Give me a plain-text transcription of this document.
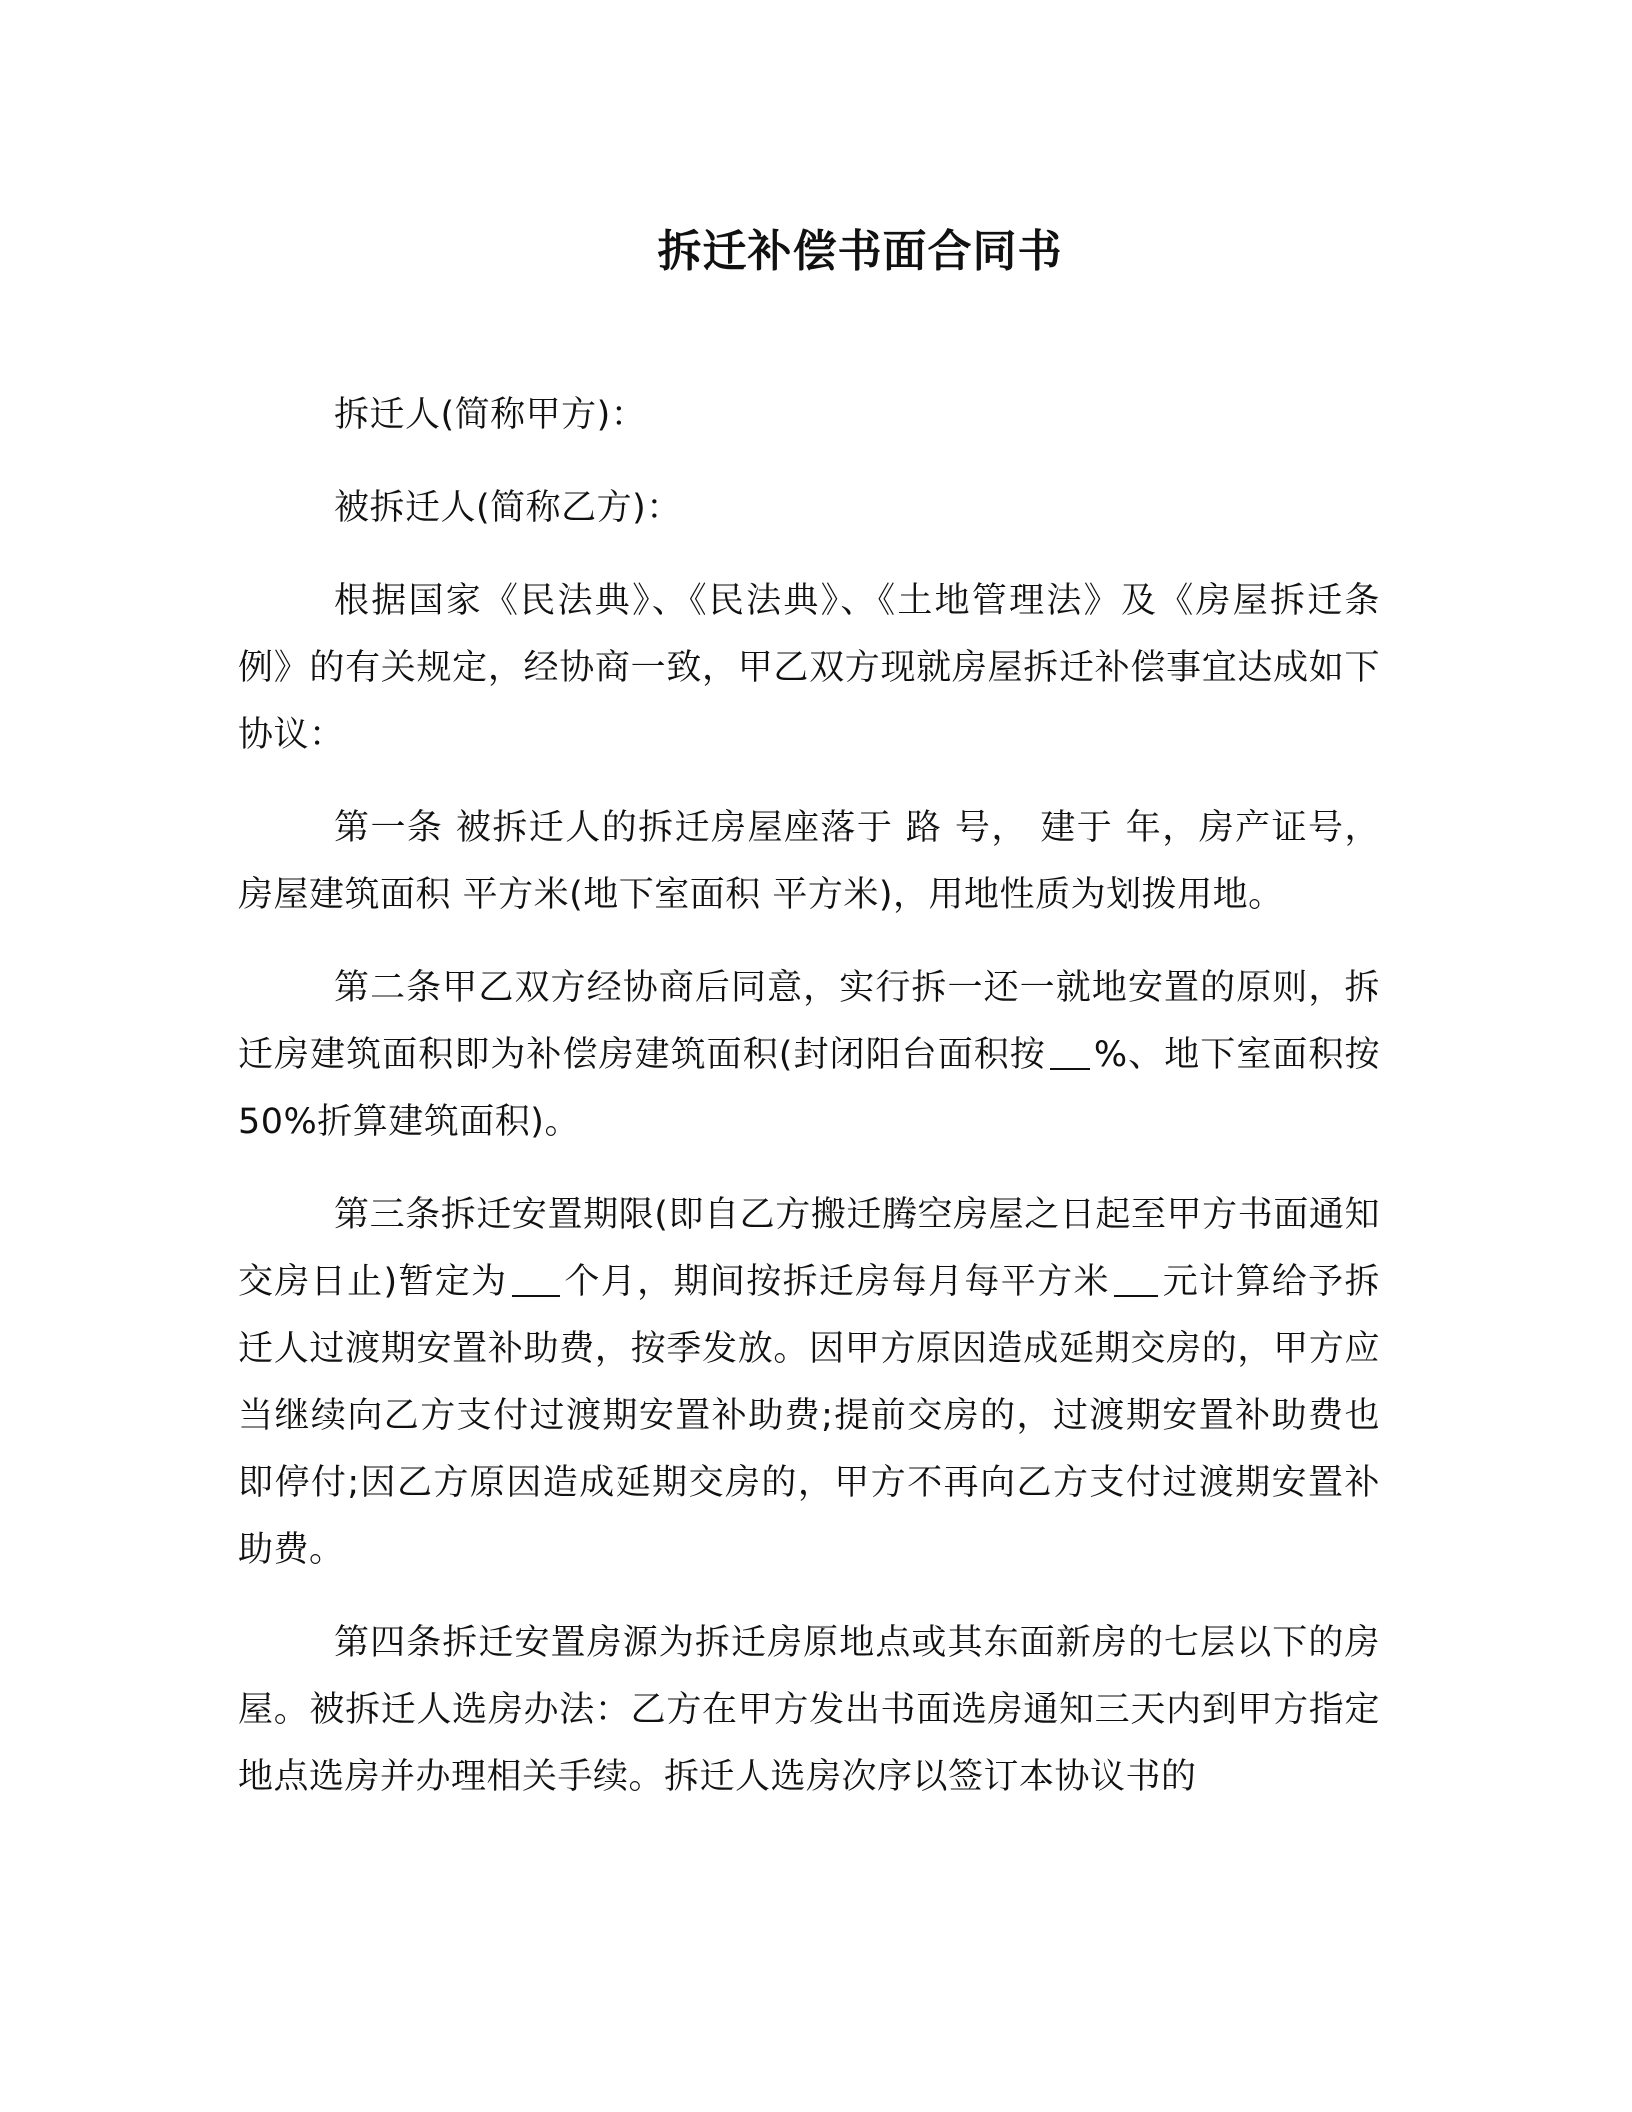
拆迁补偿书面合同书

拆迁人(简称甲方)：

被拆迁人(简称乙方)：

根据国家《民法典》、《民法典》、《土地管理法》及《房屋拆迁条例》的有关规定，经协商一致，甲乙双方现就房屋拆迁补偿事宜达成如下协议：

第一条 被拆迁人的拆迁房屋座落于 路 号， 建于 年，房产证号，房屋建筑面积 平方米(地下室面积 平方米)，用地性质为划拨用地。

第二条甲乙双方经协商后同意，实行拆一还一就地安置的原则，拆迁房建筑面积即为补偿房建筑面积(封闭阳台面积按 %、地下室面积按 50%折算建筑面积)。

第三条拆迁安置期限(即自乙方搬迁腾空房屋之日起至甲方书面通知交房日止)暂定为 个月，期间按拆迁房每月每平方米 元计算给予拆迁人过渡期安置补助费，按季发放。因甲方原因造成延期交房的，甲方应当继续向乙方支付过渡期安置补助费;提前交房的，过渡期安置补助费也即停付;因乙方原因造成延期交房的，甲方不再向乙方支付过渡期安置补助费。

第四条拆迁安置房源为拆迁房原地点或其东面新房的七层以下的房屋。被拆迁人选房办法：乙方在甲方发出书面选房通知三天内到甲方指定地点选房并办理相关手续。拆迁人选房次序以签订本协议书的
